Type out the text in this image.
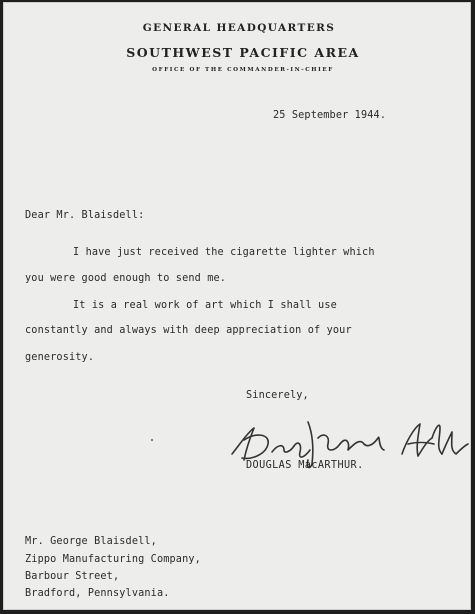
GENERAL HEADQUARTERS
SOUTHWEST PACIFIC AREA
OFFICE OF THE COMMANDER-IN-CHIEF
25 September 1944.
Dear Mr. Blaisdell:
I have just received the cigarette lighter which
you were good enough to send me.
It is a real work of art which I shall use
constantly and always with deep appreciation of your
generosity.
Sincerely,
DOUGLAS MacARTHUR.
Mr. George Blaisdell,
Zippo Manufacturing Company,
Barbour Street,
Bradford, Pennsylvania.
